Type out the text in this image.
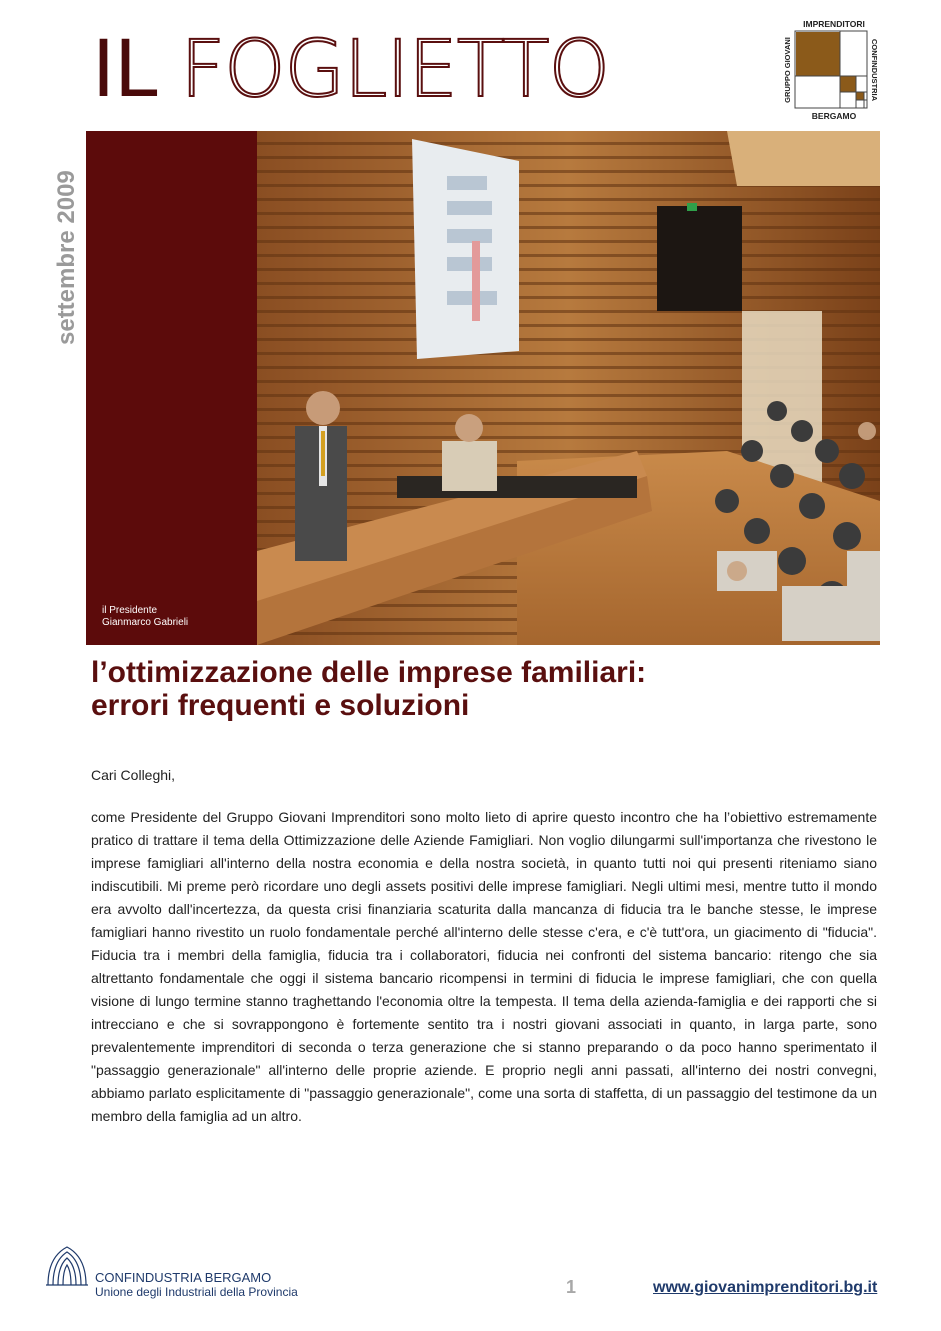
IL FOGLIETTO
IMPRENDITORI
BERGAMO
GRUPPO GIOVANI	CONFINDUSTRIA
settembre 2009
il Presidente
Gianmarco Gabrieli
l’ottimizzazione delle imprese familiari:
errori frequenti e soluzioni
Cari Colleghi,

come Presidente del Gruppo Giovani Imprenditori sono molto lieto di aprire questo incontro che ha l’obiettivo estremamente pratico di trattare il tema della Ottimizzazione delle Aziende Famigliari. Non voglio dilungarmi sull'importanza che rivestono le imprese famigliari all'interno della nostra economia e della nostra società, in quanto tutti noi qui presenti riteniamo siano indiscutibili. Mi preme però ricordare uno degli assets positivi delle imprese famigliari. Negli ultimi mesi, mentre tutto il mondo era avvolto dall'incertezza, da questa crisi finanziaria scaturita dalla mancanza di fiducia tra le banche stesse, le imprese famigliari hanno rivestito un ruolo fondamentale perché all'interno delle stesse c'era, e c'è tutt'ora, un giacimento di "fiducia". Fiducia tra i membri della famiglia, fiducia tra i collaboratori, fiducia nei confronti del sistema bancario: ritengo che sia altrettanto fondamentale che oggi il sistema bancario ricompensi in termini di fiducia le imprese famigliari, che con quella visione di lungo termine stanno traghettando l'economia oltre la tempesta. Il tema della azienda-famiglia e dei rapporti che si intrecciano e che si sovrappongono è fortemente sentito tra i nostri giovani associati in quanto, in larga parte, sono prevalentemente imprenditori di seconda o terza generazione che si stanno preparando o da poco hanno sperimentato il "passaggio generazionale" all'interno delle proprie aziende. E proprio negli anni passati, all'interno dei nostri convegni, abbiamo parlato esplicitamente di "passaggio generazionale", come una sorta di staffetta, di un passaggio del testimone da un membro della famiglia ad un altro.

CONFINDUSTRIA BERGAMO
Unione degli Industriali della Provincia	1	www.giovanimprenditori.bg.it
